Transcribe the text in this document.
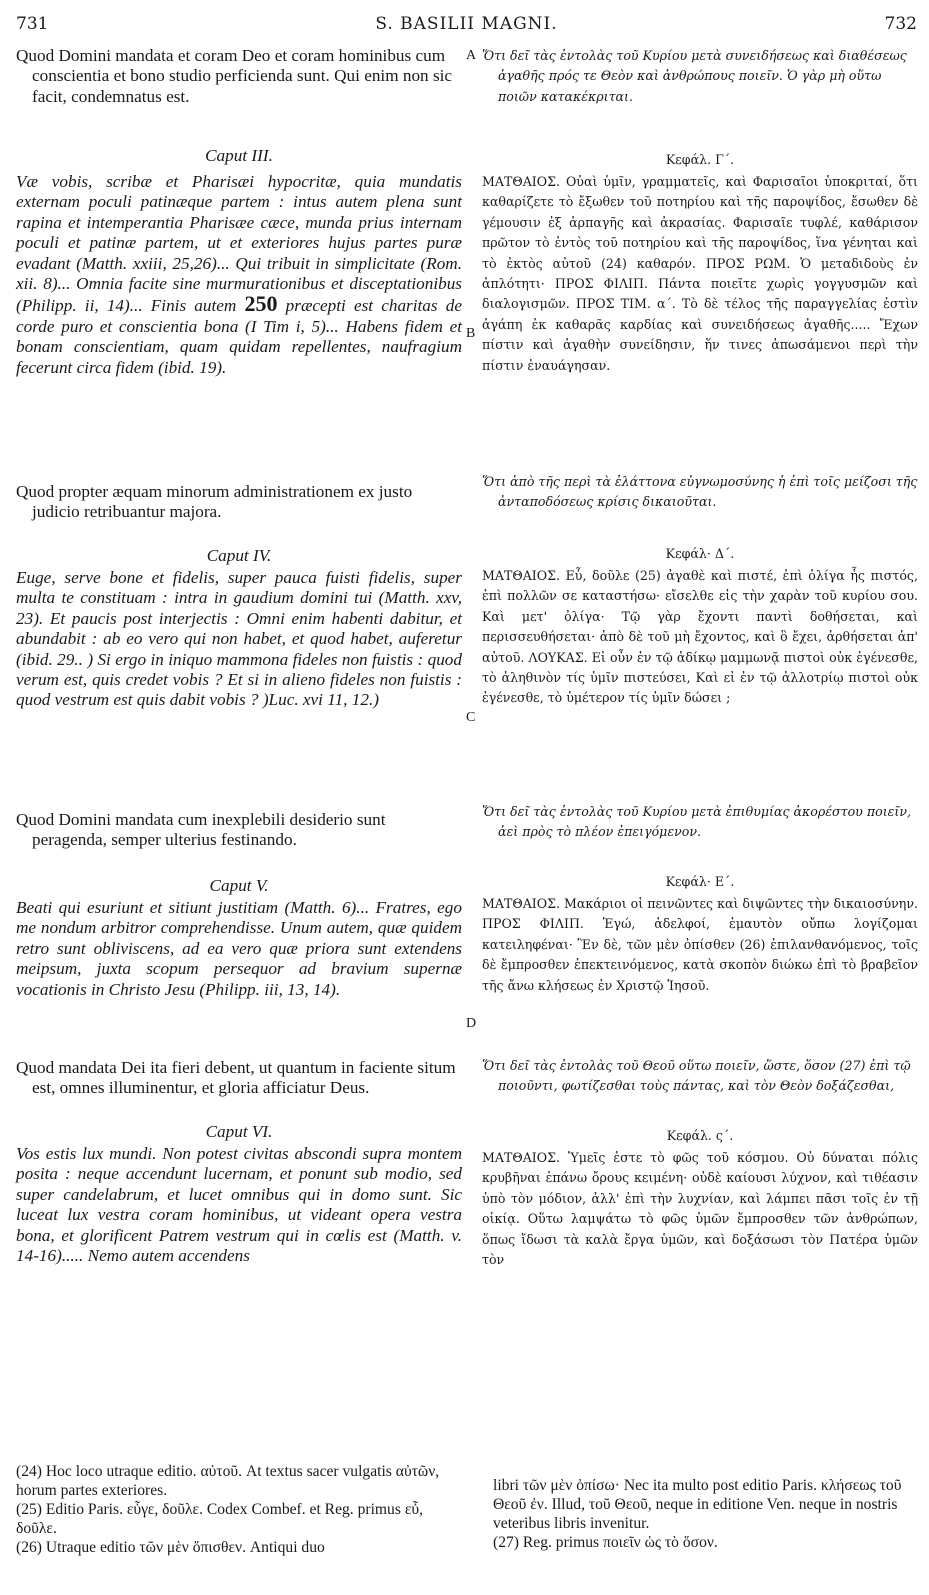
731	S. BASILII MAGNI.	732
Quod Domini mandata et coram Deo et coram hominibus cum conscientia et bono studio perficienda sunt. Qui enim non sic facit, condemnatus est.
Caput III.
Væ vobis, scribæ et Pharisæi hypocritæ, quia mundatis externam poculi patinæque partem : intus autem plena sunt rapina et intemperantia Pharisæe cæce, munda prius internam poculi et patinæ partem, ut et exteriores hujus partes puræ evadant (Matth. xxiii, 25,26)... Qui tribuit in simplicitate (Rom. xii. 8)... Omnia facite sine murmurationibus et disceptationibus (Philipp. ii, 14)... Finis autem 250 præcepti est charitas de corde puro et conscientia bona (I Tim i, 5)... Habens fidem et bonam conscientiam, quam quidam repellentes, naufragium fecerunt circa fidem (ibid. 19).
Quod propter æquam minorum administrationem ex justo judicio retribuantur majora.
Caput IV.
Euge, serve bone et fidelis, super pauca fuisti fidelis, super multa te constituam : intra in gaudium domini tui (Matth. xxv, 23). Et paucis post interjectis : Omni enim habenti dabitur, et abundabit : ab eo vero qui non habet, et quod habet, auferetur (ibid. 29.. ) Si ergo in iniquo mammona fideles non fuistis : quod verum est, quis credet vobis ? Et si in alieno fideles non fuistis : quod vestrum est quis dabit vobis ? )Luc. xvi 11, 12.)
Quod Domini mandata cum inexplebili desiderio sunt peragenda, semper ulterius festinando.
Caput V.
Beati qui esuriunt et sitiunt justitiam (Matth. 6)... Fratres, ego me nondum arbitror comprehendisse. Unum autem, quæ quidem retro sunt obliviscens, ad ea vero quæ priora sunt extendens meipsum, juxta scopum persequor ad bravium supernæ vocationis in Christo Jesu (Philipp. iii, 13, 14).
Quod mandata Dei ita fieri debent, ut quantum in faciente situm est, omnes illuminentur, et gloria afficiatur Deus.
Caput VI.
Vos estis lux mundi. Non potest civitas abscondi supra montem posita : neque accendunt lucernam, et ponunt sub modio, sed super candelabrum, et lucet omnibus qui in domo sunt. Sic luceat lux vestra coram hominibus, ut videant opera vestra bona, et glorificent Patrem vestrum qui in cœlis est (Matth. v. 14-16)..... Nemo autem accendens
A
B
C
D
Ὅτι δεῖ τὰς ἐντολὰς τοῦ Κυρίου μετὰ συνειδήσεως καὶ διαθέσεως ἀγαθῆς πρός τε Θεὸν καὶ ἀνθρώπους ποιεῖν. Ὁ γὰρ μὴ οὕτω ποιῶν κατακέκριται.
Κεφάλ. Γ΄.
ΜΑΤΘΑΙΟΣ. Οὐαὶ ὑμῖν, γραμματεῖς, καὶ Φαρισαῖοι ὑποκριταί, ὅτι καθαρίζετε τὸ ἔξωθεν τοῦ ποτηρίου καὶ τῆς παροψίδος, ἔσωθεν δὲ γέμουσιν ἐξ ἁρπαγῆς καὶ ἀκρασίας. Φαρισαῖε τυφλέ, καθάρισον πρῶτον τὸ ἐντὸς τοῦ ποτηρίου καὶ τῆς παροψίδος, ἵνα γένηται καὶ τὸ ἐκτὸς αὐτοῦ (24) καθαρόν. ΠΡΟΣ ΡΩΜ. Ὁ μεταδιδοὺς ἐν ἁπλότητι· ΠΡΟΣ ΦΙΛΙΠ. Πάντα ποιεῖτε χωρὶς γογγυσμῶν καὶ διαλογισμῶν. ΠΡΟΣ ΤΙΜ. α΄. Τὸ δὲ τέλος τῆς παραγγελίας ἐστὶν ἀγάπη ἐκ καθαρᾶς καρδίας καὶ συνειδήσεως ἀγαθῆς..... Ἔχων πίστιν καὶ ἀγαθὴν συνείδησιν, ἥν τινες ἀπωσάμενοι περὶ τὴν πίστιν ἐναυάγησαν.
Ὅτι ἀπὸ τῆς περὶ τὰ ἐλάττονα εὐγνωμοσύνης ἡ ἐπὶ τοῖς μείζοσι τῆς ἀνταποδόσεως κρίσις δικαιοῦται.
Κεφάλ· Δ΄.
ΜΑΤΘΑΙΟΣ. Εὖ, δοῦλε (25) ἀγαθὲ καὶ πιστέ, ἐπὶ ὀλίγα ἧς πιστός, ἐπὶ πολλῶν σε καταστήσω· εἴσελθε εἰς τὴν χαρὰν τοῦ κυρίου σου. Καὶ μετ' ὀλίγα· Τῷ γὰρ ἔχοντι παντὶ δοθήσεται, καὶ περισσευθήσεται· ἀπὸ δὲ τοῦ μὴ ἔχοντος, καὶ ὃ ἔχει, ἀρθήσεται ἀπ' αὐτοῦ. ΛΟΥΚΑΣ. Εἰ οὖν ἐν τῷ ἀδίκῳ μαμμωνᾷ πιστοὶ οὐκ ἐγένεσθε, τὸ ἀληθινὸν τίς ὑμῖν πιστεύσει, Καὶ εἰ ἐν τῷ ἀλλοτρίῳ πιστοὶ οὐκ ἐγένεσθε, τὸ ὑμέτερον τίς ὑμῖν δώσει ;
Ὅτι δεῖ τὰς ἐντολὰς τοῦ Κυρίου μετὰ ἐπιθυμίας ἀκορέστου ποιεῖν, ἀεὶ πρὸς τὸ πλέον ἐπειγόμενον.
Κεφάλ· Ε΄.
ΜΑΤΘΑΙΟΣ. Μακάριοι οἱ πεινῶντες καὶ διψῶντες τὴν δικαιοσύνην. ΠΡΟΣ ΦΙΛΙΠ. Ἐγώ, ἀδελφοί, ἐμαυτὸν οὔπω λογίζομαι κατειληφέναι· Ἓν δὲ, τῶν μὲν ὀπίσθεν (26) ἐπιλανθανόμενος, τοῖς δὲ ἔμπροσθεν ἐπεκτεινόμενος, κατὰ σκοπὸν διώκω ἐπὶ τὸ βραβεῖον τῆς ἄνω κλήσεως ἐν Χριστῷ Ἰησοῦ.
Ὅτι δεῖ τὰς ἐντολὰς τοῦ Θεοῦ οὕτω ποιεῖν, ὥστε, ὅσον (27) ἐπὶ τῷ ποιοῦντι, φωτίζεσθαι τοὺς πάντας, καὶ τὸν Θεὸν δοξάζεσθαι,
Κεφάλ. ς΄.
ΜΑΤΘΑΙΟΣ. Ὑμεῖς ἐστε τὸ φῶς τοῦ κόσμου. Οὐ δύναται πόλις κρυβῆναι ἐπάνω ὄρους κειμένη· οὐδὲ καίουσι λύχνον, καὶ τιθέασιν ὑπὸ τὸν μόδιον, ἀλλ' ἐπὶ τὴν λυχνίαν, καὶ λάμπει πᾶσι τοῖς ἐν τῇ οἰκίᾳ. Οὕτω λαμψάτω τὸ φῶς ὑμῶν ἔμπροσθεν τῶν ἀνθρώπων, ὅπως ἴδωσι τὰ καλὰ ἔργα ὑμῶν, καὶ δοξάσωσι τὸν Πατέρα ὑμῶν τὸν
(24) Hoc loco utraque editio. αὐτοῦ. At textus sacer vulgatis αὐτῶν, horum partes exteriores.
(25) Editio Paris. εὖγε, δοῦλε. Codex Combef. et Reg. primus εὖ, δοῦλε.
(26) Utraque editio τῶν μὲν ὄπισθεν. Antiqui duo
libri τῶν μὲν ὀπίσω· Nec ita multo post editio Paris. κλήσεως τοῦ Θεοῦ ἐν. Illud, τοῦ Θεοῦ, neque in editione Ven. neque in nostris veteribus libris invenitur.
(27) Reg. primus ποιεῖν ὡς τὸ ὅσον.
